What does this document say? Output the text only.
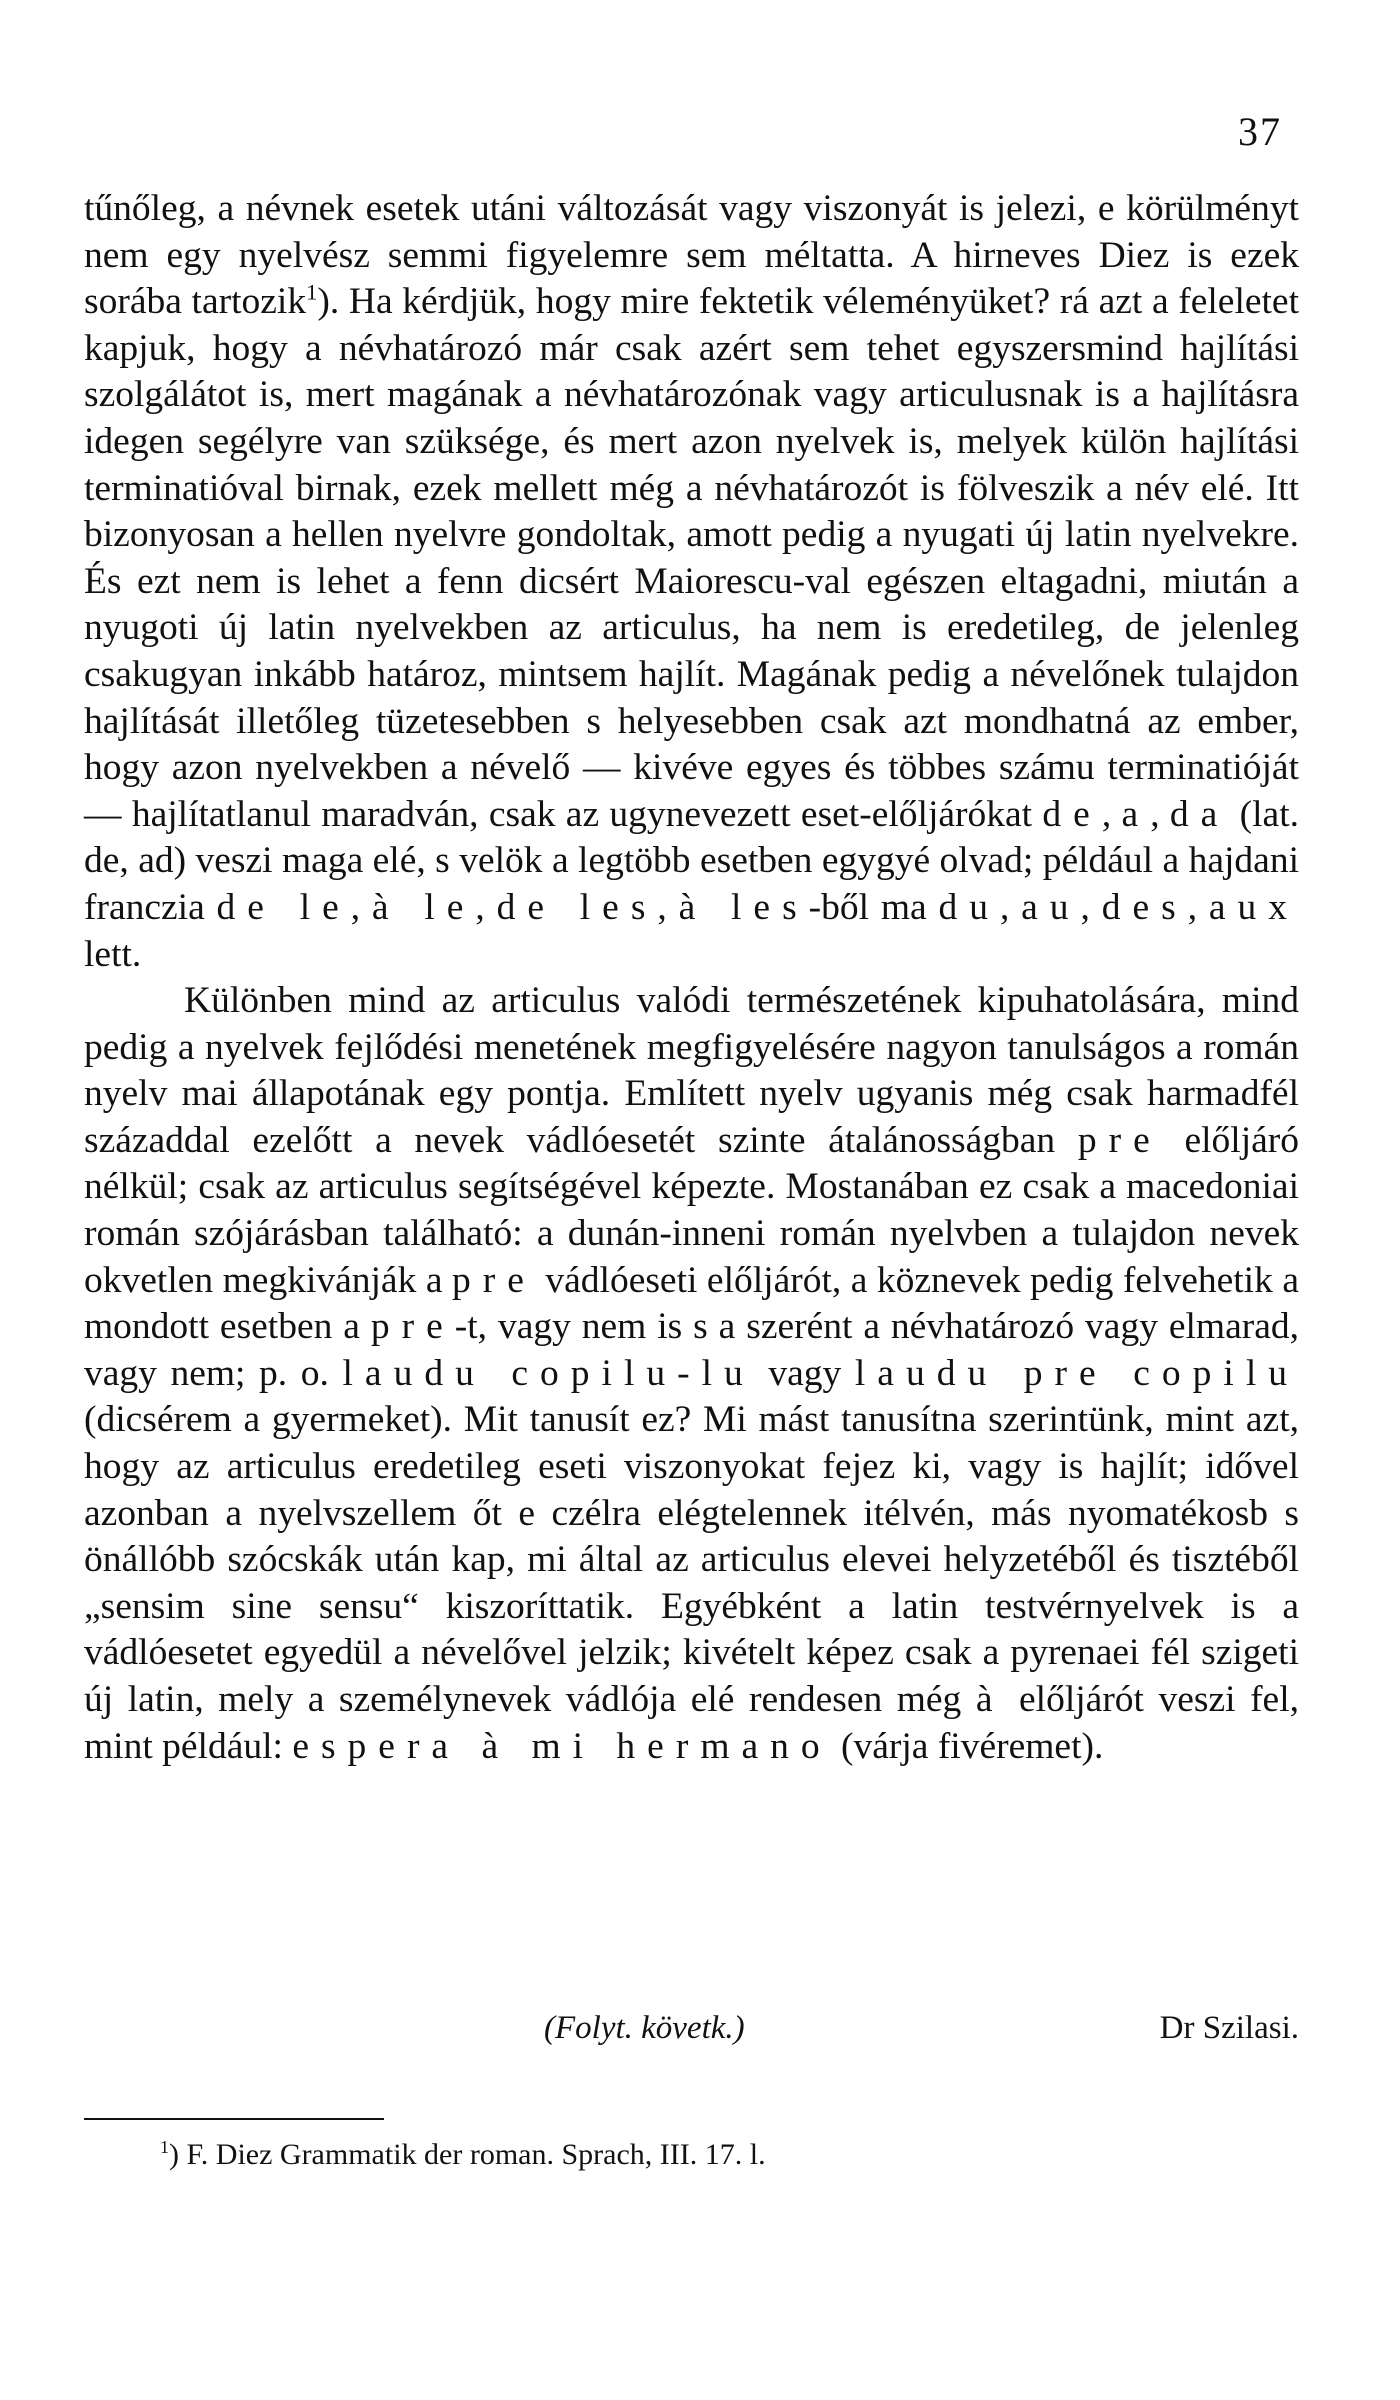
37

tűnőleg, a névnek esetek utáni változását vagy viszonyát is jelezi, e körülményt nem egy nyelvész semmi figyelemre sem méltatta. A hirneves Diez is ezek sorába tartozik$^1$). Ha kérdjük, hogy mire fektetik véleményüket? rá azt a feleletet kapjuk, hogy a névhatározó már csak azért sem tehet egyszersmind hajlítási szolgálátot is, mert magának a névhatározónak vagy articulusnak is a hajlításra idegen segélyre van szüksége, és mert azon nyelvek is, melyek külön hajlítási terminatióval birnak, ezek mellett még a névhatározót is fölveszik a név elé. Itt bizonyosan a hellen nyelvre gondoltak, amott pedig a nyugati új latin nyelvekre. És ezt nem is lehet a fenn dicsért Maiorescu-val egészen eltagadni, miután a nyugoti új latin nyelvekben az articulus, ha nem is eredetileg, de jelenleg csakugyan inkább határoz, mintsem hajlít. Magának pedig a névelőnek tulajdon hajlítását illetőleg tüzetesebben s helyesebben csak azt mondhatná az ember, hogy azon nyelvekben a névelő — kivéve egyes és többes számu terminatióját — hajlítatlanul maradván, csak az ugynevezett eset-előljárókat de, a, da (lat. de, ad) veszi maga elé, s velök a legtöbb esetben egygyé olvad; például a hajdani franczia de le, à le, de les, à les-ből ma du, au, des, aux lett.

Különben mind az articulus valódi természetének kipuhatolására, mind pedig a nyelvek fejlődési menetének megfigyelésére nagyon tanulságos a román nyelv mai állapotának egy pontja. Említett nyelv ugyanis még csak harmadfél századdal ezelőtt a nevek vádlóesetét szinte átalánosságban pre előljáró nélkül; csak az articulus segítségével képezte. Mostanában ez csak a macedoniai román szójárásban található: a dunán-inneni román nyelvben a tulajdon nevek okvetlen megkivánják a pre vádlóeseti előljárót, a köznevek pedig felvehetik a mondott esetben a pre-t, vagy nem is s a szerént a névhatározó vagy elmarad, vagy nem; p. o. laudu copilu-lu vagy laudu pre copilu (dicsérem a gyermeket). Mit tanusít ez? Mi mást tanusítna szerintünk, mint azt, hogy az articulus eredetileg eseti viszonyokat fejez ki, vagy is hajlít; idővel azonban a nyelvszellem őt e czélra elégtelennek itélvén, más nyomatékosb s önállóbb szócskák után kap, mi által az articulus elevei helyzetéből és tisztéből „sensim sine sensu“ kiszoríttatik. Egyébként a latin testvérnyelvek is a vádlóesetet egyedül a névelővel jelzik; kivételt képez csak a pyrenaei fél szigeti új latin, mely a személynevek vádlója elé rendesen még à előljárót veszi fel, mint például: espera à mi hermano (várja fivéremet).

(Folyt. követk.)	Dr Szilasi.
$^1$) F. Diez Grammatik der roman. Sprach, III. 17. l.
